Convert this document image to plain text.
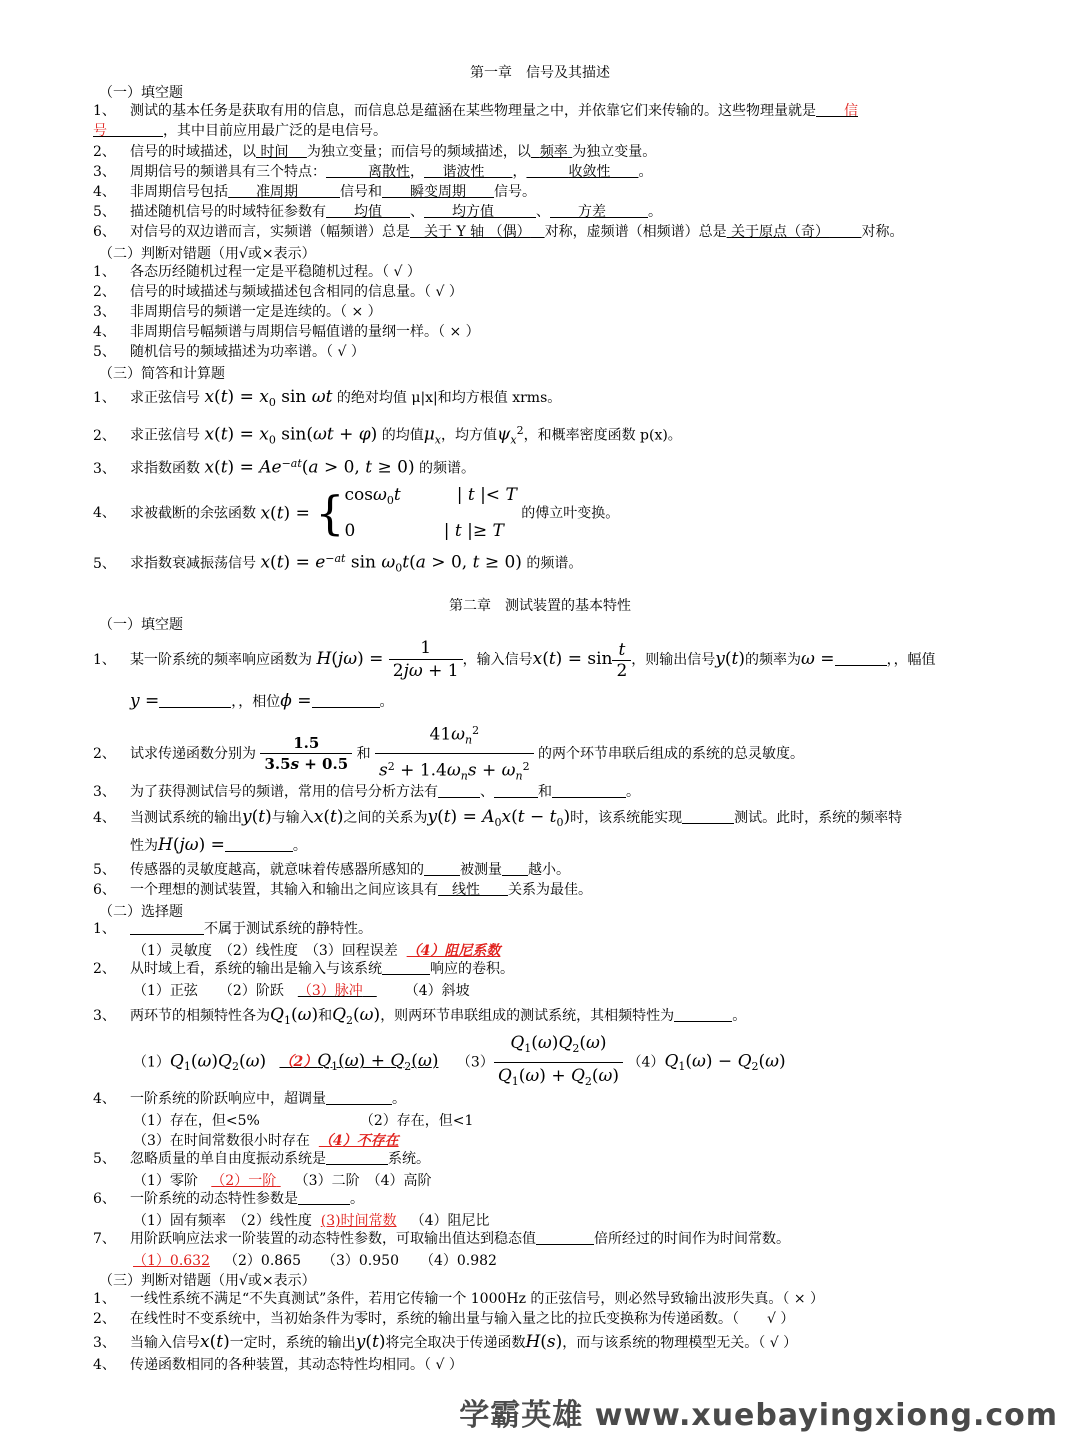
第一章　信号及其描述
（一）填空题
1、 测试的基本任务是获取有用的信息，而信息总是蕴涵在某些物理量之中，并依靠它们来传输的。这些物理量就是   信
号    	，其中目前应用最广泛的是电信号。
2、 信号的时域描述，以 时间  为独立变量；而信号的频域描述，以 频率 为独立变量。
3、 周期信号的频谱具有三个特点：   	离散性，  谐波性   ，   	收敛性   。
4、 非周期信号包括   准周期   	信号和   瞬变周期   信号。
5、 描述随机信号的时域特征参数有   均值   、   均方值   	、   方差   	。
6、 对信号的双边谱而言，实频谱（幅频谱）总是  关于 Y 轴 （偶）  对称，虚频谱（相频谱）总是 关于原点（奇）   对称。
（二）判断对错题（用√或×表示）
1、 各态历经随机过程一定是平稳随机过程。（ √ ）
2、 信号的时域描述与频域描述包含相同的信息量。（ √ ）
3、 非周期信号的频谱一定是连续的。（ × ）
4、 非周期信号幅频谱与周期信号幅值谱的量纲一样。（ × ）
5、 随机信号的频域描述为功率谱。（ √ ）
（三）简答和计算题
1、 求正弦信号 $x(t) = x_0$ sin ωt 的绝对均值 μ|x|和均方根值 xrms。
2、 求正弦信号 $x(t) = x_0$ sin(ωt + φ) 的均值$\mu_x$，均方值$\psi_x^2$，和概率密度函数 p(x)。
3、 求指数函数 $x(t) = Ae^{-at}(a > 0$, t ≥ 0) 的频谱。
4、 求被截断的余弦函数 x(t) = {cosω$_0$t    	| t |< T
0      	| t |≥ T 的傅立叶变换。
5、 求指数衰减振荡信号 $x(t) = e^{-at}$ $\sin \omega_0t(a > 0$, t ≥ 0) 的频谱。
第二章　测试装置的基本特性
（一）填空题
1、 某一阶系统的频率响应函数为 $H(j\omega) = \frac{1}{2j\omega + 1}$ ，输入信号$x(t) = \sin \frac{t}{2}$ ，则输出信号y(t)的频率为ω =	，，幅值
y =	，，相位ϕ =	。
2、 试求传递函数分别为 $\frac{1.5}{3.5s + 0.5}$ 和 $\frac{41\omega_n^2}{s^2 + 1.4\omega_ns + \omega_n^2}$ 的两个环节串联后组成的系统的总灵敏度。
3、 为了获得测试信号的频谱，常用的信号分析方法有	、	和	。
4、 当测试系统的输出y(t)与输入x(t)之间的关系为$y(t) = A_0x(t - t_0)$时，该系统能实现	测试。此时，系统的频率特
性为H(jω) =	。
5、 传感器的灵敏度越高，就意味着传感器所感知的	被测量 越小。
6、 一个理想的测试装置，其输入和输出之间应该具有  线性   关系为最佳。
（二）选择题
1、	不属于测试系统的静特性。
（1）灵敏度　（2）线性度　（3）回程误差 （4）阻尼系数
2、 从时域上看，系统的输出是输入与该系统	响应的卷积。
（1）正弦　　（2）阶跃  （3）脉冲   	（4）斜坡
3、 两环节的相频特性各为$Q_1(\omega)$和$Q_2(\omega)$，则两环节串联组成的测试系统，其相频特性为	。
$(1)Q_1(\omega)Q_2(\omega) (2)Q_1(\omega) + Q_2(\omega)$   $(3) \frac{Q_1(\omega)Q_2(\omega)}{Q_1(\omega) + Q_2(\omega)} (4)Q_1(\omega) - Q_2(\omega)$
4、 一阶系统的阶跃响应中，超调量	。
（1）存在，但<5%	（2）存在，但<1
（3）在时间常数很小时存在 （4）不存在
5、 忽略质量的单自由度振动系统是	系统。
（1）零阶 （2）一阶   （3）二阶　（4）高阶
6、 一阶系统的动态特性参数是	。
（1）固有频率　（2）线性度 (3)时间常数  （4）阻尼比
7、 用阶跃响应法求一阶装置的动态特性参数，可取输出值达到稳态值	倍所经过的时间作为时间常数。
（1）0.632  （2）0.865　　（3）0.950　　（4）0.982
（三）判断对错题（用√或×表示）
1、 一线性系统不满足“不失真测试”条件，若用它传输一个 1000Hz 的正弦信号，则必然导致输出波形失真。（ × ）
2、 在线性时不变系统中，当初始条件为零时，系统的输出量与输入量之比的拉氏变换称为传递函数。（　　√ ）
3、 当输入信号x(t)一定时，系统的输出y(t)将完全取决于传递函数H(s)，而与该系统的物理模型无关。（ √ ）
4、 传递函数相同的各种装置，其动态特性均相同。（ √ ）
学霸英雄 www.xuebayingxiong.com
